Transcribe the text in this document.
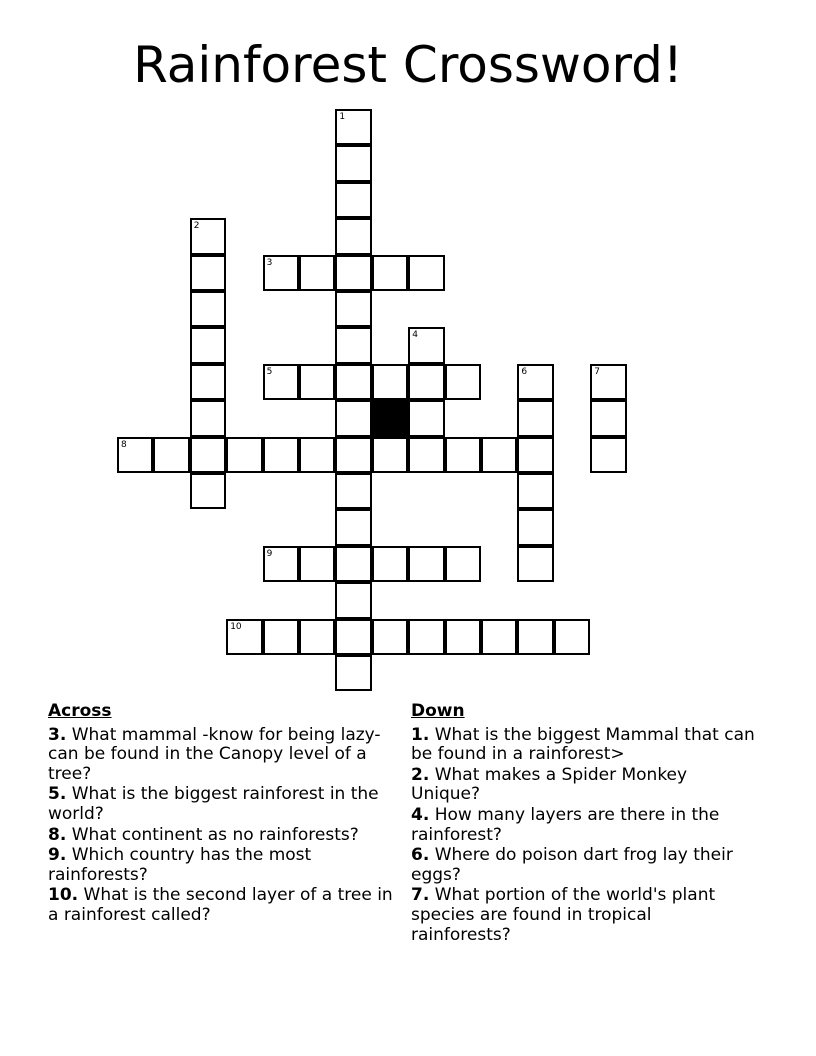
Rainforest Crossword!
1
2
3
4
5	6	7
8
9
10
Across
3. What mammal -know for being lazy- can be found in the Canopy level of a tree?
5. What is the biggest rainforest in the world?
8. What continent as no rainforests?
9. Which country has the most rainforests?
10. What is the second layer of a tree in a rainforest called?
Down
1. What is the biggest Mammal that can be found in a rainforest>
2. What makes a Spider Monkey Unique?
4. How many layers are there in the rainforest?
6. Where do poison dart frog lay their eggs?
7. What portion of the world's plant species are found in tropical rainforests?
